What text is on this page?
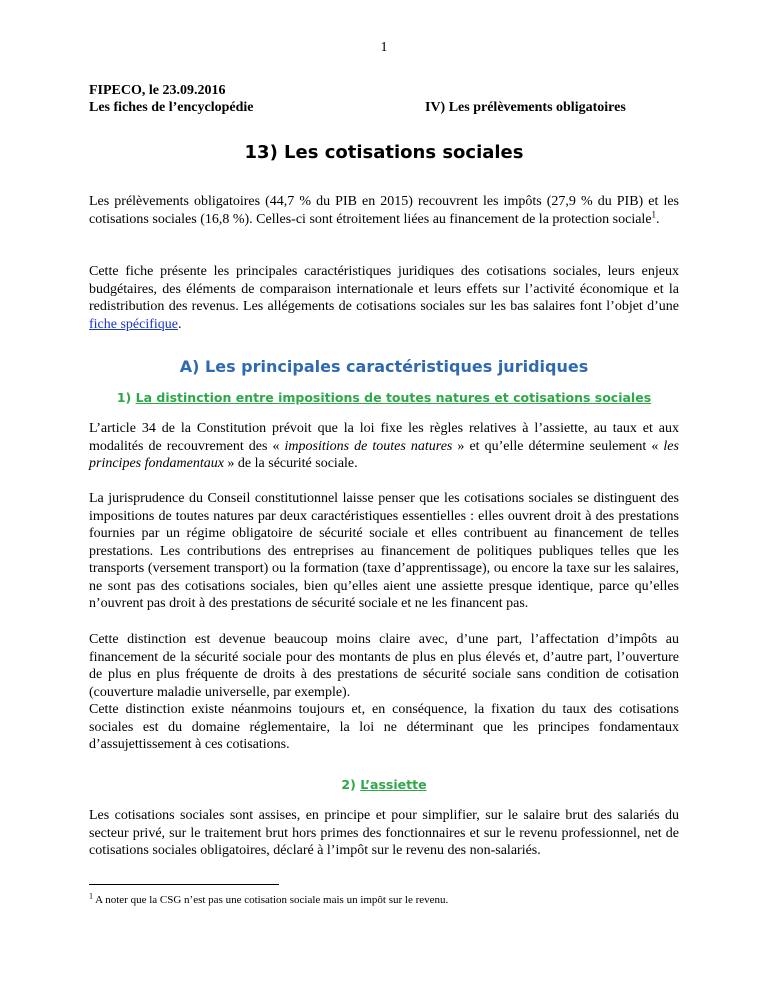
1
FIPECO, le 23.09.2016
Les fiches de l’encyclopédie	IV) Les prélèvements obligatoires
13) Les cotisations sociales

Les prélèvements obligatoires (44,7 % du PIB en 2015) recouvrent les impôts (27,9 % du PIB) et les cotisations sociales (16,8 %). Celles-ci sont étroitement liées au financement de la protection sociale$^1$.

Cette fiche présente les principales caractéristiques juridiques des cotisations sociales, leurs enjeux budgétaires, des éléments de comparaison internationale et leurs effets sur l’activité économique et la redistribution des revenus. Les allégements de cotisations sociales sur les bas salaires font l’objet d’une fiche spécifique.

A) Les principales caractéristiques juridiques
1) La distinction entre impositions de toutes natures et cotisations sociales

L’article 34 de la Constitution prévoit que la loi fixe les règles relatives à l’assiette, au taux et aux modalités de recouvrement des « impositions de toutes natures » et qu’elle détermine seulement « les principes fondamentaux » de la sécurité sociale.

La jurisprudence du Conseil constitutionnel laisse penser que les cotisations sociales se distinguent des impositions de toutes natures par deux caractéristiques essentielles : elles ouvrent droit à des prestations fournies par un régime obligatoire de sécurité sociale et elles contribuent au financement de telles prestations. Les contributions des entreprises au financement de politiques publiques telles que les transports (versement transport) ou la formation (taxe d’apprentissage), ou encore la taxe sur les salaires, ne sont pas des cotisations sociales, bien qu’elles aient une assiette presque identique, parce qu’elles n’ouvrent pas droit à des prestations de sécurité sociale et ne les financent pas.

Cette distinction est devenue beaucoup moins claire avec, d’une part, l’affectation d’impôts au financement de la sécurité sociale pour des montants de plus en plus élevés et, d’autre part, l’ouverture de plus en plus fréquente de droits à des prestations de sécurité sociale sans condition de cotisation (couverture maladie universelle, par exemple).

Cette distinction existe néanmoins toujours et, en conséquence, la fixation du taux des cotisations sociales est du domaine réglementaire, la loi ne déterminant que les principes fondamentaux d’assujettissement à ces cotisations.

2) L’assiette

Les cotisations sociales sont assises, en principe et pour simplifier, sur le salaire brut des salariés du secteur privé, sur le traitement brut hors primes des fonctionnaires et sur le revenu professionnel, net de cotisations sociales obligatoires, déclaré à l’impôt sur le revenu des non-salariés.

$^1$ A noter que la CSG n’est pas une cotisation sociale mais un impôt sur le revenu.
